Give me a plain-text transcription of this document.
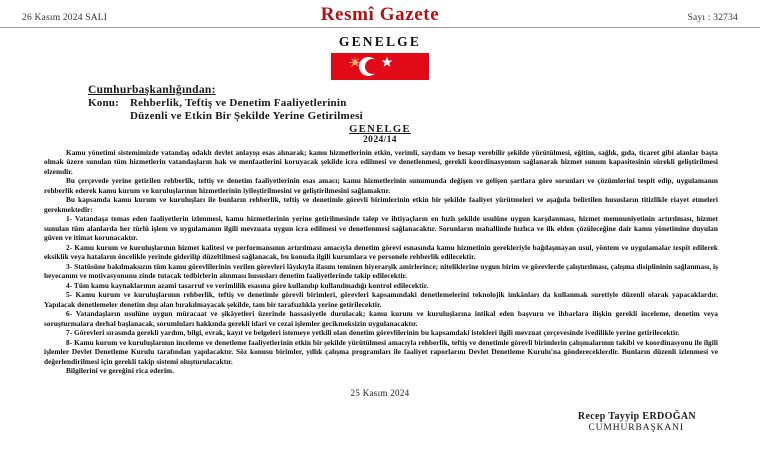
26 Kasım 2024 SALI	Resmî Gazete	Sayı : 32734
GENELGE
Cumhurbaşkanlığından:
Konu:	Rehberlik, Teftiş ve Denetim Faaliyetlerinin
Düzenli ve Etkin Bir Şekilde Yerine Getirilmesi
GENELGE
2024/14

Kamu yönetimi sistemimizde vatandaş odaklı devlet anlayışı esas alınarak; kamu hizmetlerinin etkin, verimli, saydam ve hesap verebilir şekilde yürütülmesi, eğitim, sağlık, gıda, ticaret gibi alanlar başta olmak üzere sunulan tüm hizmetlerin vatandaşların hak ve menfaatlerini koruyacak şekilde icra edilmesi ve denetlenmesi, gerekli koordinasyonun sağlanarak hizmet sunum kapasitesinin sürekli geliştirilmesi elzemdir.

Bu çerçevede yerine getirilen rehberlik, teftiş ve denetim faaliyetlerinin esas amacı; kamu hizmetlerinin sunumunda değişen ve gelişen şartlara göre sorunları ve çözümlerini tespit edip, uygulamanın rehberlik ederek kamu kurum ve kuruluşlarının hizmetlerinin iyileştirilmesini ve geliştirilmesini sağlamaktır.

Bu kapsamda kamu kurum ve kuruluşları ile bunların rehberlik, teftiş ve denetimle görevli birimlerinin etkin bir şekilde faaliyet yürütmeleri ve aşağıda belirtilen hususların titizlikle riayet etmeleri gerekmektedir:

1- Vatandaşa temas eden faaliyetlerin izlenmesi, kamu hizmetlerinin yerine getirilmesinde talep ve ihtiyaçların en hızlı şekilde usulüne uygun karşılanması, hizmet memnuniyetinin artırılması, hizmet sunulan tüm alanlarda her türlü işlem ve uygulamanın ilgili mevzuata uygun icra edilmesi ve denetlenmesi sağlanacaktır. Sorunların mahallinde hızlıca ve ilk elden çözüleceğine dair kamu yönetimine duyulan güven ve itimat korunacaktır.

2- Kamu kurum ve kuruluşlarının hizmet kalitesi ve performansının artırılması amacıyla denetim görevi esnasında kamu hizmetinin gerekleriyle bağdaşmayan usul, yöntem ve uygulamalar tespit edilerek eksiklik veya hataların öncelikle yerinde giderilip düzeltilmesi sağlanacak, bu konuda ilgili kurumlara ve personele rehberlik edilecektir.

3- Statüsüne bakılmaksızın tüm kamu görevlilerinin verilen görevleri lâyıkıyla ifasını teminen hiyerarşik amirlerince; niteliklerine uygun birim ve görevlerde çalıştırılması, çalışma disiplininin sağlanması, iş heyecanını ve motivasyonunu zinde tutacak tedbirlerin alınması hususları denetim faaliyetlerinde takip edilecektir.

4- Tüm kamu kaynaklarının azami tasarruf ve verimlilik esasına göre kullanılıp kullanılmadığı kontrol edilecektir.

5- Kamu kurum ve kuruluşlarının rehberlik, teftiş ve denetimle görevli birimleri, görevleri kapsamındaki denetlemelerini teknolojik imkânları da kullanmak suretiyle düzenli olarak yapacaklardır. Yapılacak denetlemeler denetim dışı alan bırakılmayacak şekilde, tam bir tarafsızlıkla yerine getirilecektir.

6- Vatandaşların usulüne uygun müracaat ve şikâyetleri üzerinde hassasiyetle durulacak; kamu kurum ve kuruluşlarına intikal eden başvuru ve ihbarlara ilişkin gerekli inceleme, denetim veya soruşturmalara derhal başlanacak, sorumluları hakkında gerekli idari ve cezai işlemler gecikmeksizin uygulanacaktır.

7- Görevleri sırasında gerekli yardım, bilgi, evrak, kayıt ve belgeleri istemeye yetkili olan denetim görevlilerinin bu kapsamdaki istekleri ilgili mevzuat çerçevesinde ivedilikle yerine getirilecektir.

8- Kamu kurum ve kuruluşlarının inceleme ve denetleme faaliyetlerinin etkin bir şekilde yürütülmesi amacıyla rehberlik, teftiş ve denetimle görevli birimlerin çalışmalarının takibi ve koordinasyonu ile ilgili işlemler Devlet Denetleme Kurulu tarafından yapılacaktır. Söz konusu birimler, yıllık çalışma programları ile faaliyet raporlarını Devlet Denetleme Kurulu'na göndereceklerdir. Bunların düzenli izlenmesi ve değerlendirilmesi için gerekli takip sistemi oluşturulacaktır.

Bilgilerini ve gereğini rica ederim.

25 Kasım 2024
Recep Tayyip ERDOĞAN
CUMHURBAŞKANI
